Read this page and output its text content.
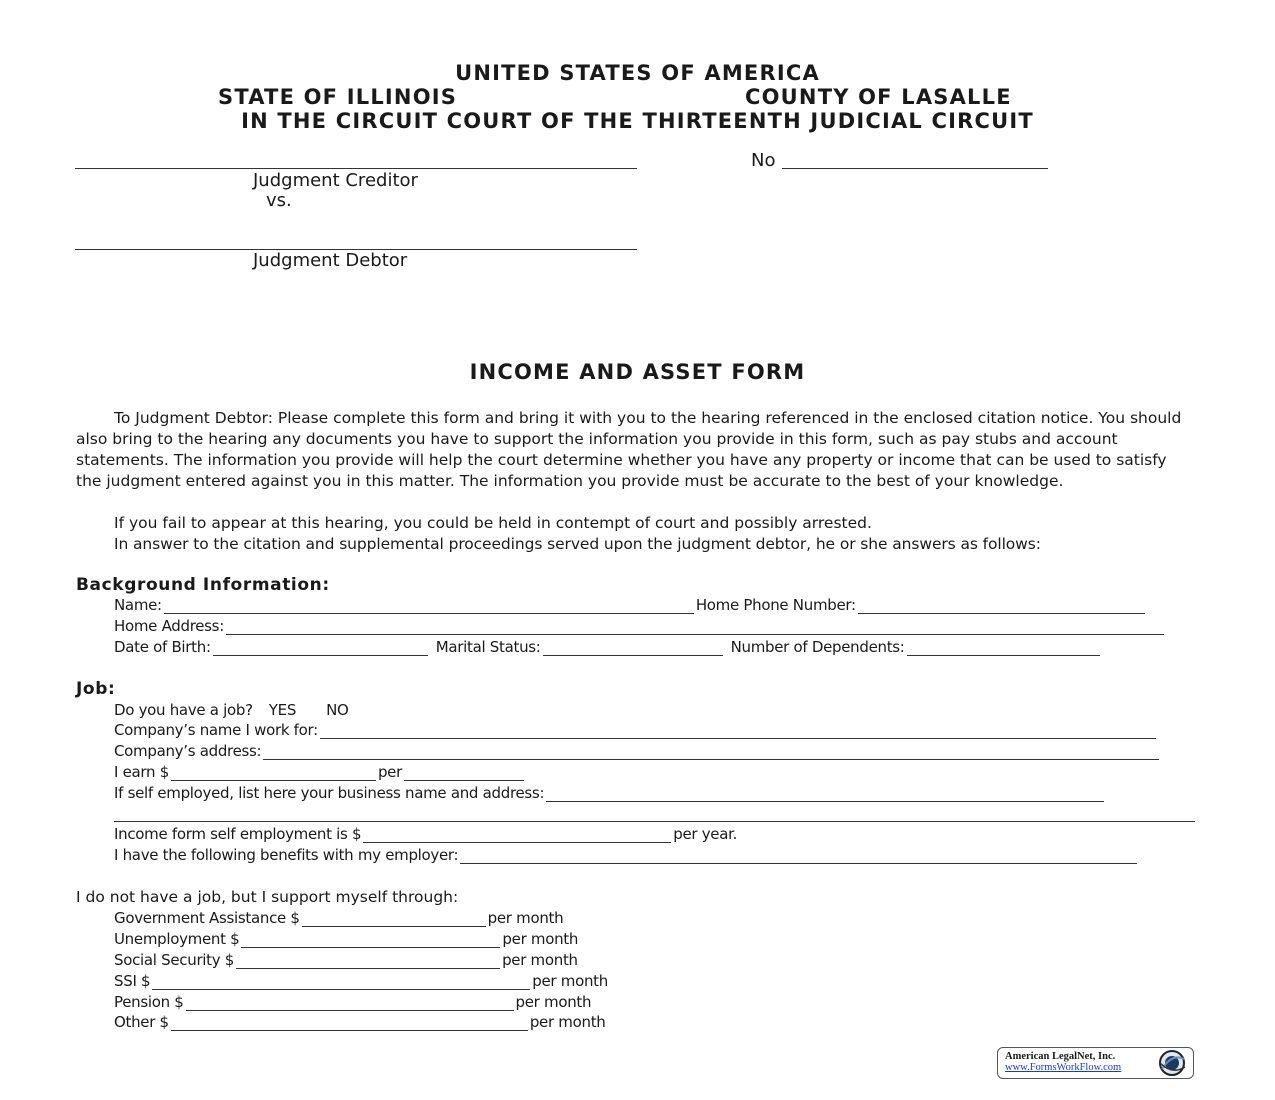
UNITED STATES OF AMERICA
STATE OF ILLINOIS	COUNTY OF LASALLE
IN THE CIRCUIT COURT OF THE THIRTEENTH JUDICIAL CIRCUIT
No
Judgment Creditor
vs.
Judgment Debtor
INCOME AND ASSET FORM
To Judgment Debtor: Please complete this form and bring it with you to the hearing referenced in the enclosed citation notice. You should also bring to the hearing any documents you have to support the information you provide in this form, such as pay stubs and account statements. The information you provide will help the court determine whether you have any property or income that can be used to satisfy the judgment entered against you in this matter. The information you provide must be accurate to the best of your knowledge.
If you fail to appear at this hearing, you could be held in contempt of court and possibly arrested.
In answer to the citation and supplemental proceedings served upon the judgment debtor, he or she answers as follows:
Background Information:
Name:	Home Phone Number:
Home Address:
Date of Birth:	Marital Status:	Number of Dependents:
Job:
Do you have a job? YES NO
Company’s name I work for:
Company’s address:
I earn $	per
If self employed, list here your business name and address:
Income form self employment is $	per year.
I have the following benefits with my employer:
I do not have a job, but I support myself through:
Government Assistance $	per month
Unemployment $	per month
Social Security $	per month
SSI $	per month
Pension $	per month
Other $	per month
American LegalNet, Inc.
www.FormsWorkFlow.com
